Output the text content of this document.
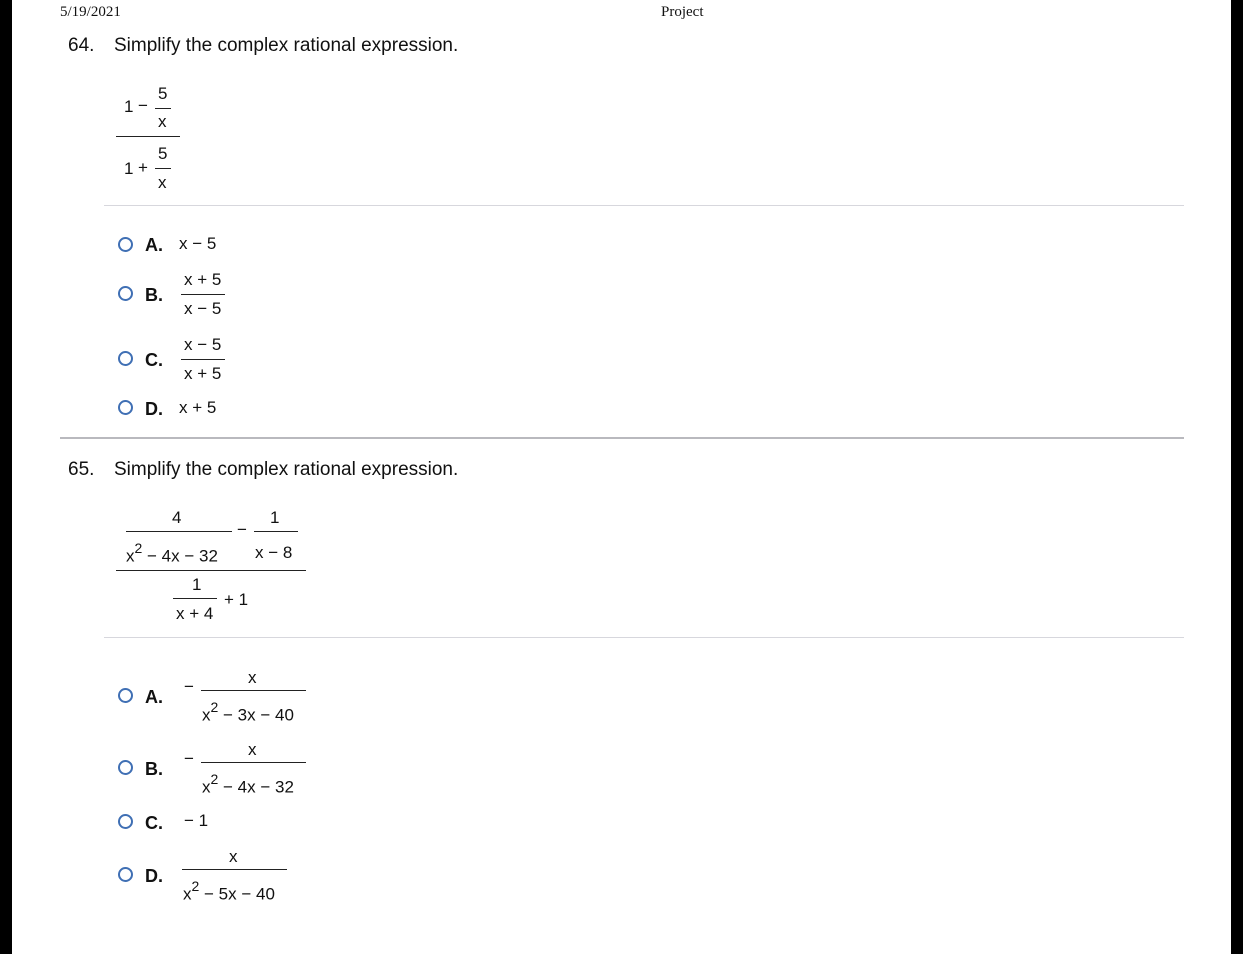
5/19/2021	Project
64. Simplify the complex rational expression.
1 −
5
x
1 +
5
x
A. x − 5
B.
x + 5
x − 5
C.
x − 5
x + 5
D. x + 5
65. Simplify the complex rational expression.
4
$x^2 - 4x - 32$
−
1
x − 8
1
x + 4
+ 1
A.
−	x
$x^2 - 3x - 40$
B.
−	x
$x^2 - 4x - 32$
C. − 1
D.
x
$x^2 - 5x - 40$
